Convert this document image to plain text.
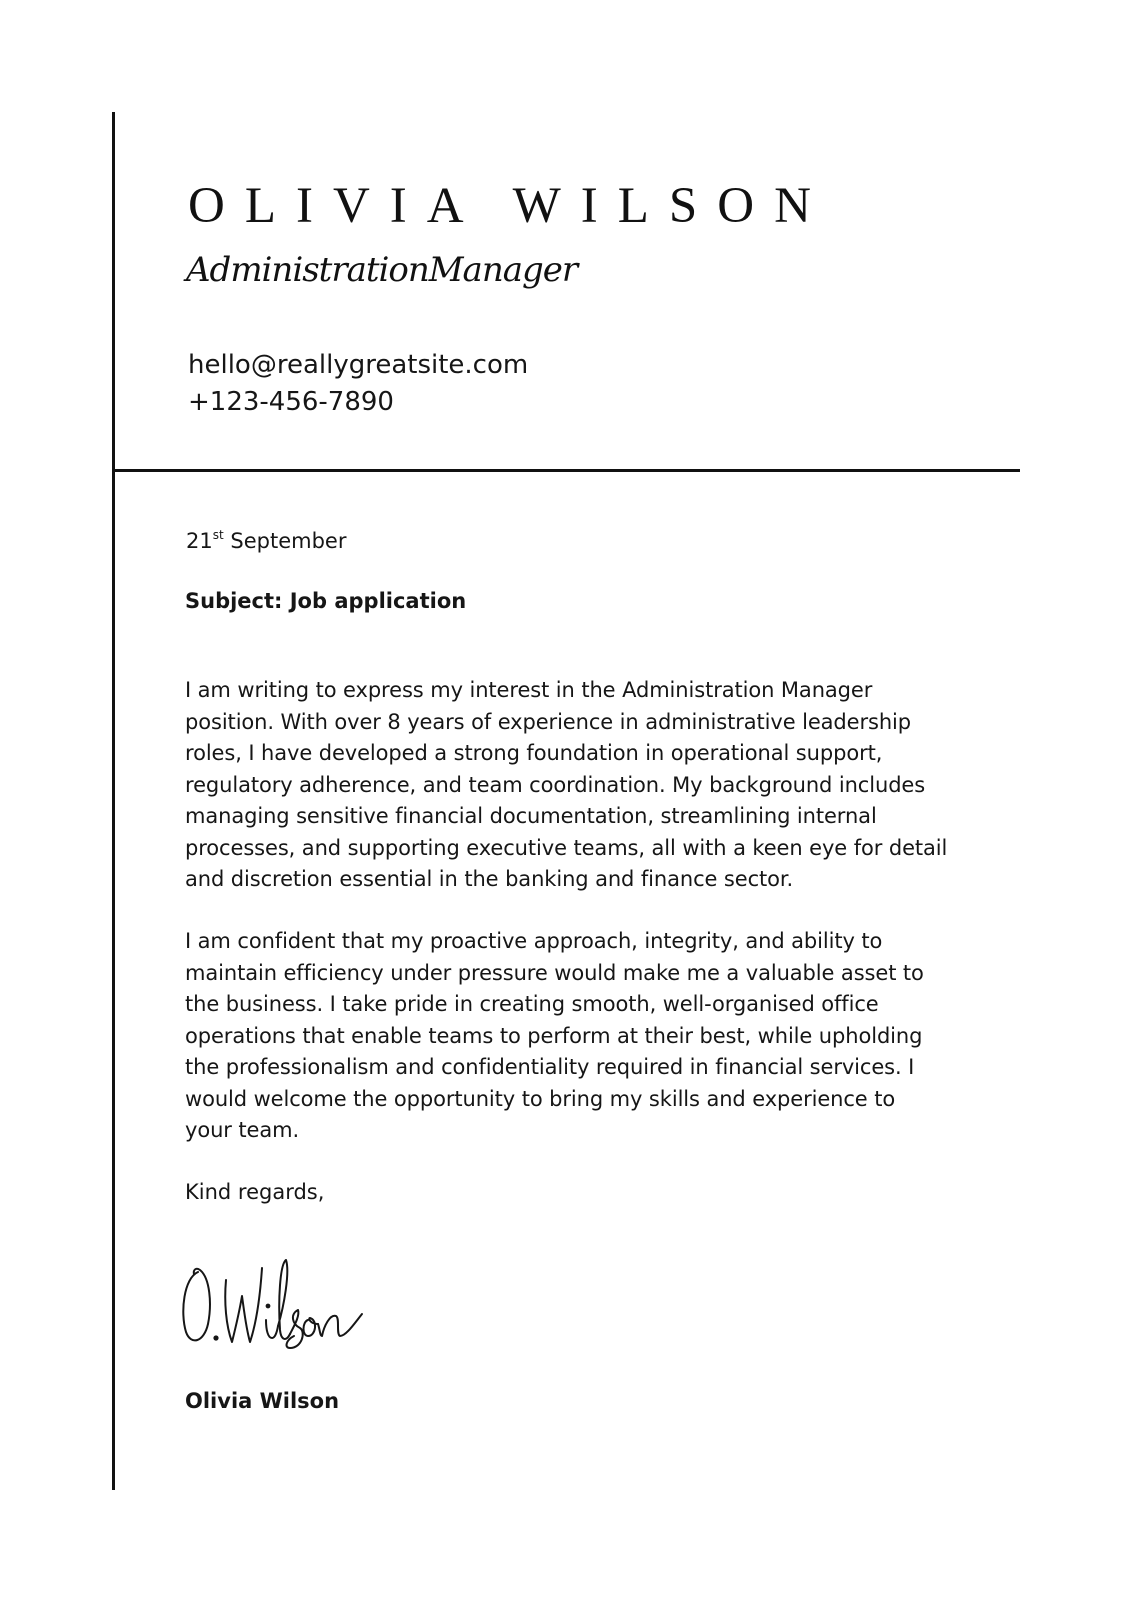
OLIVIA WILSON
AdministrationManager
hello@reallygreatsite.com
+123-456-7890
21st September
Subject: Job application
I am writing to express my interest in the Administration Manager
position. With over 8 years of experience in administrative leadership
roles, I have developed a strong foundation in operational support,
regulatory adherence, and team coordination. My background includes
managing sensitive financial documentation, streamlining internal
processes, and supporting executive teams, all with a keen eye for detail
and discretion essential in the banking and finance sector.
I am confident that my proactive approach, integrity, and ability to
maintain efficiency under pressure would make me a valuable asset to
the business. I take pride in creating smooth, well-organised office
operations that enable teams to perform at their best, while upholding
the professionalism and confidentiality required in financial services. I
would welcome the opportunity to bring my skills and experience to
your team.
Kind regards,
Olivia Wilson
